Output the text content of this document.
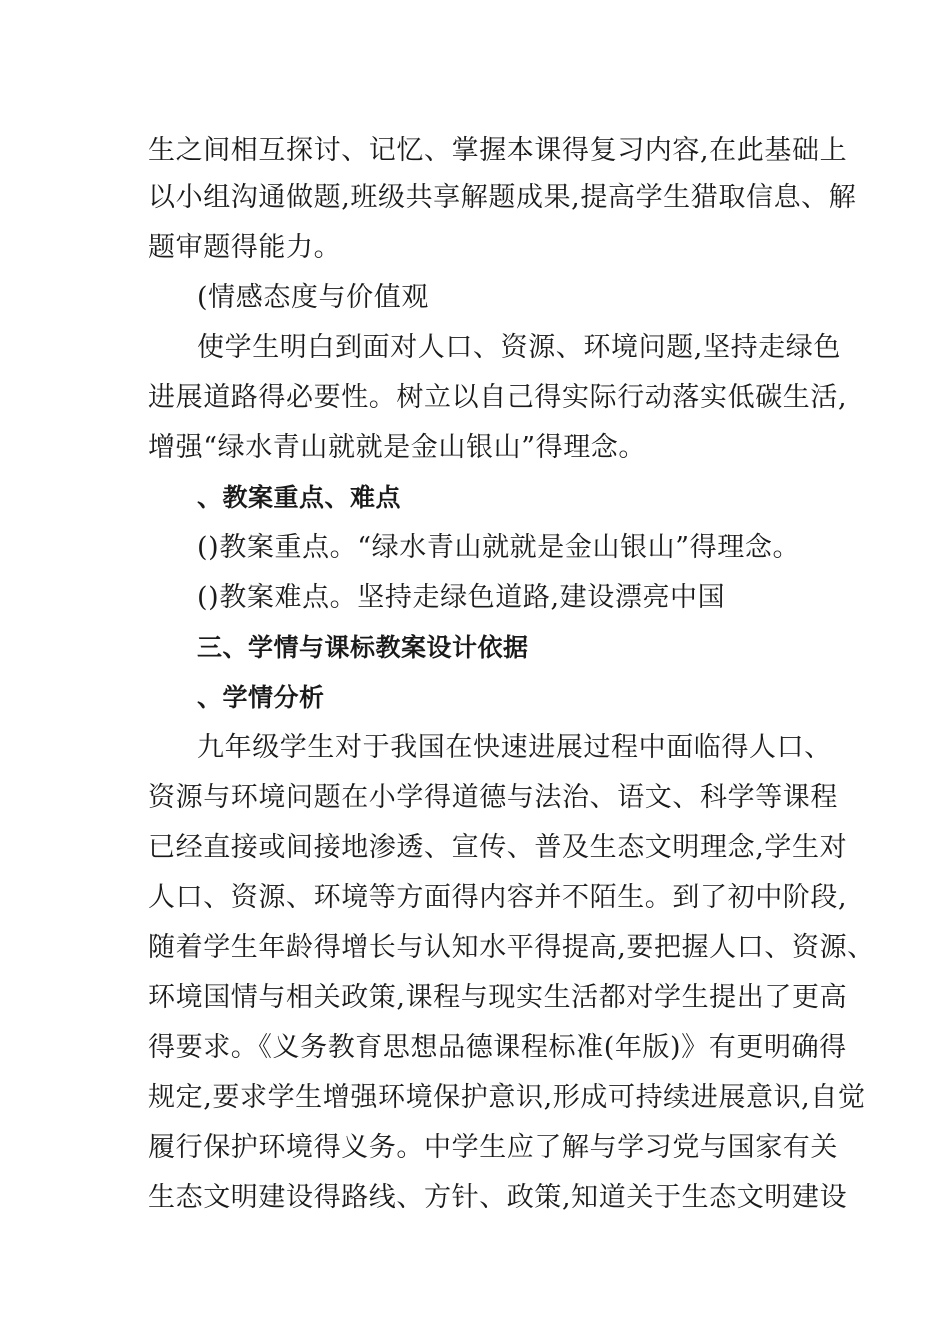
生之间相互探讨、记忆、掌握本课得复习内容,在此基础上
以小组沟通做题,班级共享解题成果,提高学生猎取信息、解
题审题得能力。
(情感态度与价值观
使学生明白到面对人口、资源、环境问题,坚持走绿色
进展道路得必要性。树立以自己得实际行动落实低碳生活,
增强“绿水青山就就是金山银山”得理念。
、教案重点、难点
()教案重点。“绿水青山就就是金山银山”得理念。
()教案难点。坚持走绿色道路,建设漂亮中国
三、学情与课标教案设计依据
、学情分析
九年级学生对于我国在快速进展过程中面临得人口、
资源与环境问题在小学得道德与法治、语文、科学等课程
已经直接或间接地渗透、宣传、普及生态文明理念,学生对
人口、资源、环境等方面得内容并不陌生。到了初中阶段,
随着学生年龄得增长与认知水平得提高,要把握人口、资源、
环境国情与相关政策,课程与现实生活都对学生提出了更高
得要求。《义务教育思想品德课程标准(年版)》有更明确得
规定,要求学生增强环境保护意识,形成可持续进展意识,自觉
履行保护环境得义务。中学生应了解与学习党与国家有关
生态文明建设得路线、方针、政策,知道关于生态文明建设
